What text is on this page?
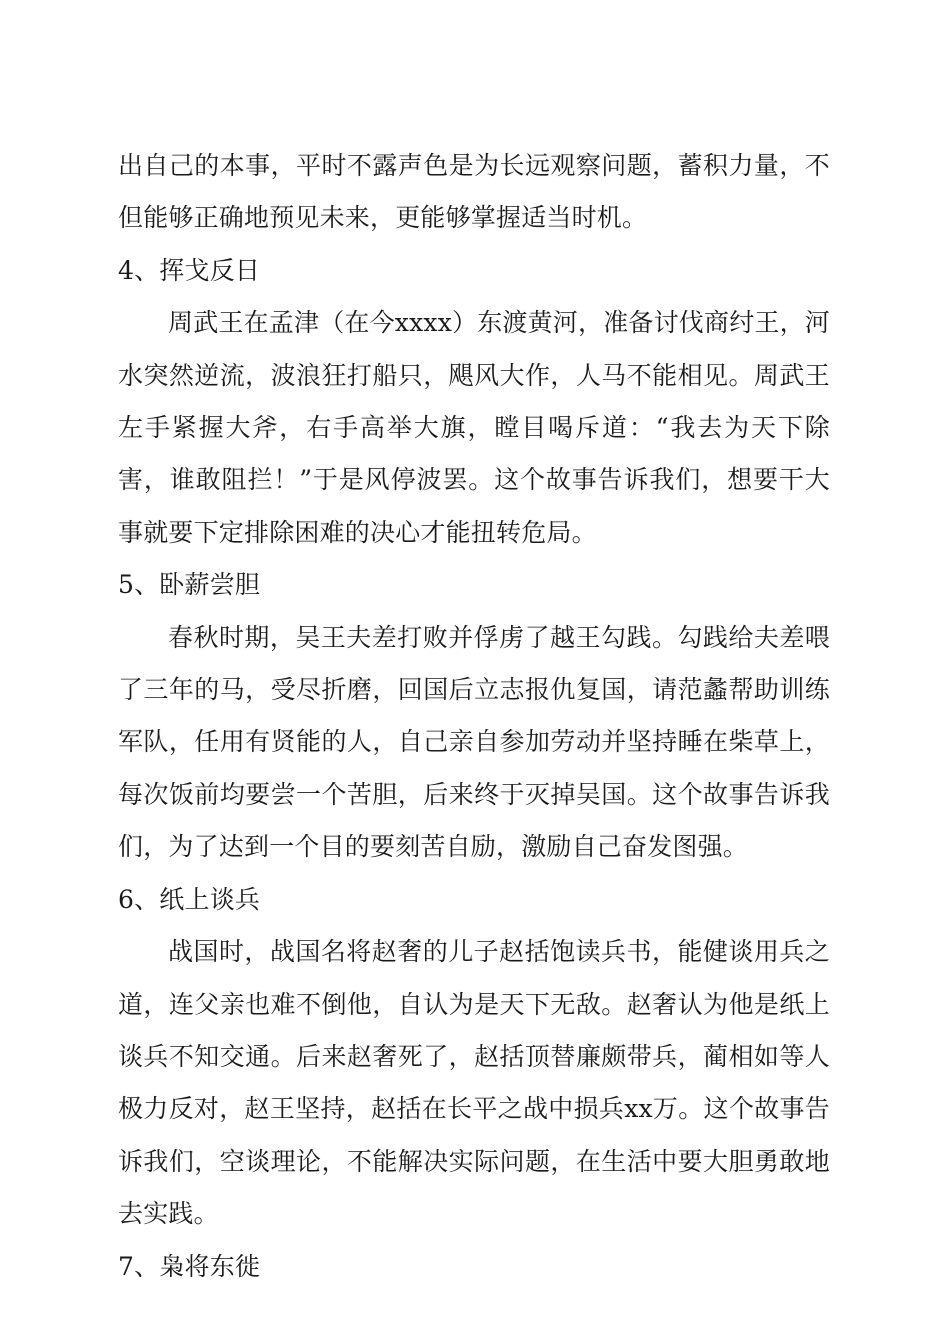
出自己的本事，平时不露声色是为长远观察问题，蓄积力量，不但能够正确地预见未来，更能够掌握适当时机。

4、挥戈反日

周武王在孟津（在今xxxx）东渡黄河，准备讨伐商纣王，河水突然逆流，波浪狂打船只，飓风大作，人马不能相见。周武王左手紧握大斧，右手高举大旗，瞠目喝斥道：“我去为天下除害，谁敢阻拦！”于是风停波罢。这个故事告诉我们，想要干大事就要下定排除困难的决心才能扭转危局。

5、卧薪尝胆

春秋时期，吴王夫差打败并俘虏了越王勾践。勾践给夫差喂了三年的马，受尽折磨，回国后立志报仇复国，请范蠡帮助训练军队，任用有贤能的人，自己亲自参加劳动并坚持睡在柴草上，每次饭前均要尝一个苦胆，后来终于灭掉吴国。这个故事告诉我们，为了达到一个目的要刻苦自励，激励自己奋发图强。

6、纸上谈兵

战国时，战国名将赵奢的儿子赵括饱读兵书，能健谈用兵之道，连父亲也难不倒他，自认为是天下无敌。赵奢认为他是纸上谈兵不知交通。后来赵奢死了，赵括顶替廉颇带兵，蔺相如等人极力反对，赵王坚持，赵括在长平之战中损兵xx万。这个故事告诉我们，空谈理论，不能解决实际问题，在生活中要大胆勇敢地去实践。

7、枭将东徙
